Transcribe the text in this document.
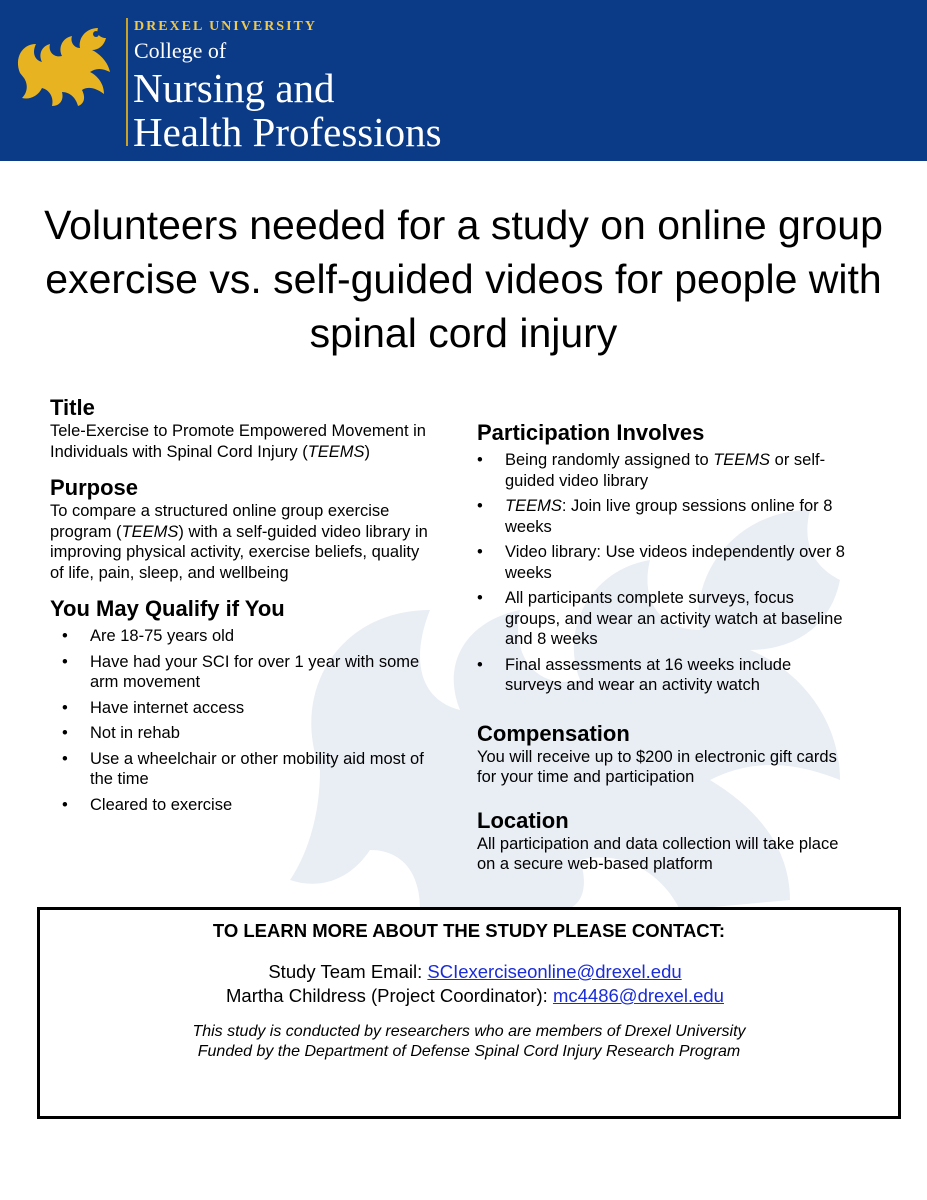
DREXEL UNIVERSITY
College of
Nursing and
Health Professions
Volunteers needed for a study on online group exercise vs. self-guided videos for people with spinal cord injury
Title

Tele-Exercise to Promote Empowered Movement in Individuals with Spinal Cord Injury (TEEMS)

Purpose

To compare a structured online group exercise program (TEEMS) with a self-guided video library in improving physical activity, exercise beliefs, quality of life, pain, sleep, and wellbeing

You May Qualify if You
• Are 18-75 years old
• Have had your SCI for over 1 year with some arm movement
• Have internet access
• Not in rehab
• Use a wheelchair or other mobility aid most of the time
• Cleared to exercise
Participation Involves
• Being randomly assigned to TEEMS or self-guided video library
• TEEMS: Join live group sessions online for 8 weeks
• Video library: Use videos independently over 8 weeks
• All participants complete surveys, focus groups, and wear an activity watch at baseline and 8 weeks
• Final assessments at 16 weeks include surveys and wear an activity watch
Compensation

You will receive up to $200 in electronic gift cards for your time and participation

Location

All participation and data collection will take place on a secure web-based platform

TO LEARN MORE ABOUT THE STUDY PLEASE CONTACT:
Study Team Email: SCIexerciseonline@drexel.edu
Martha Childress (Project Coordinator): mc4486@drexel.edu
This study is conducted by researchers who are members of Drexel University
Funded by the Department of Defense Spinal Cord Injury Research Program
